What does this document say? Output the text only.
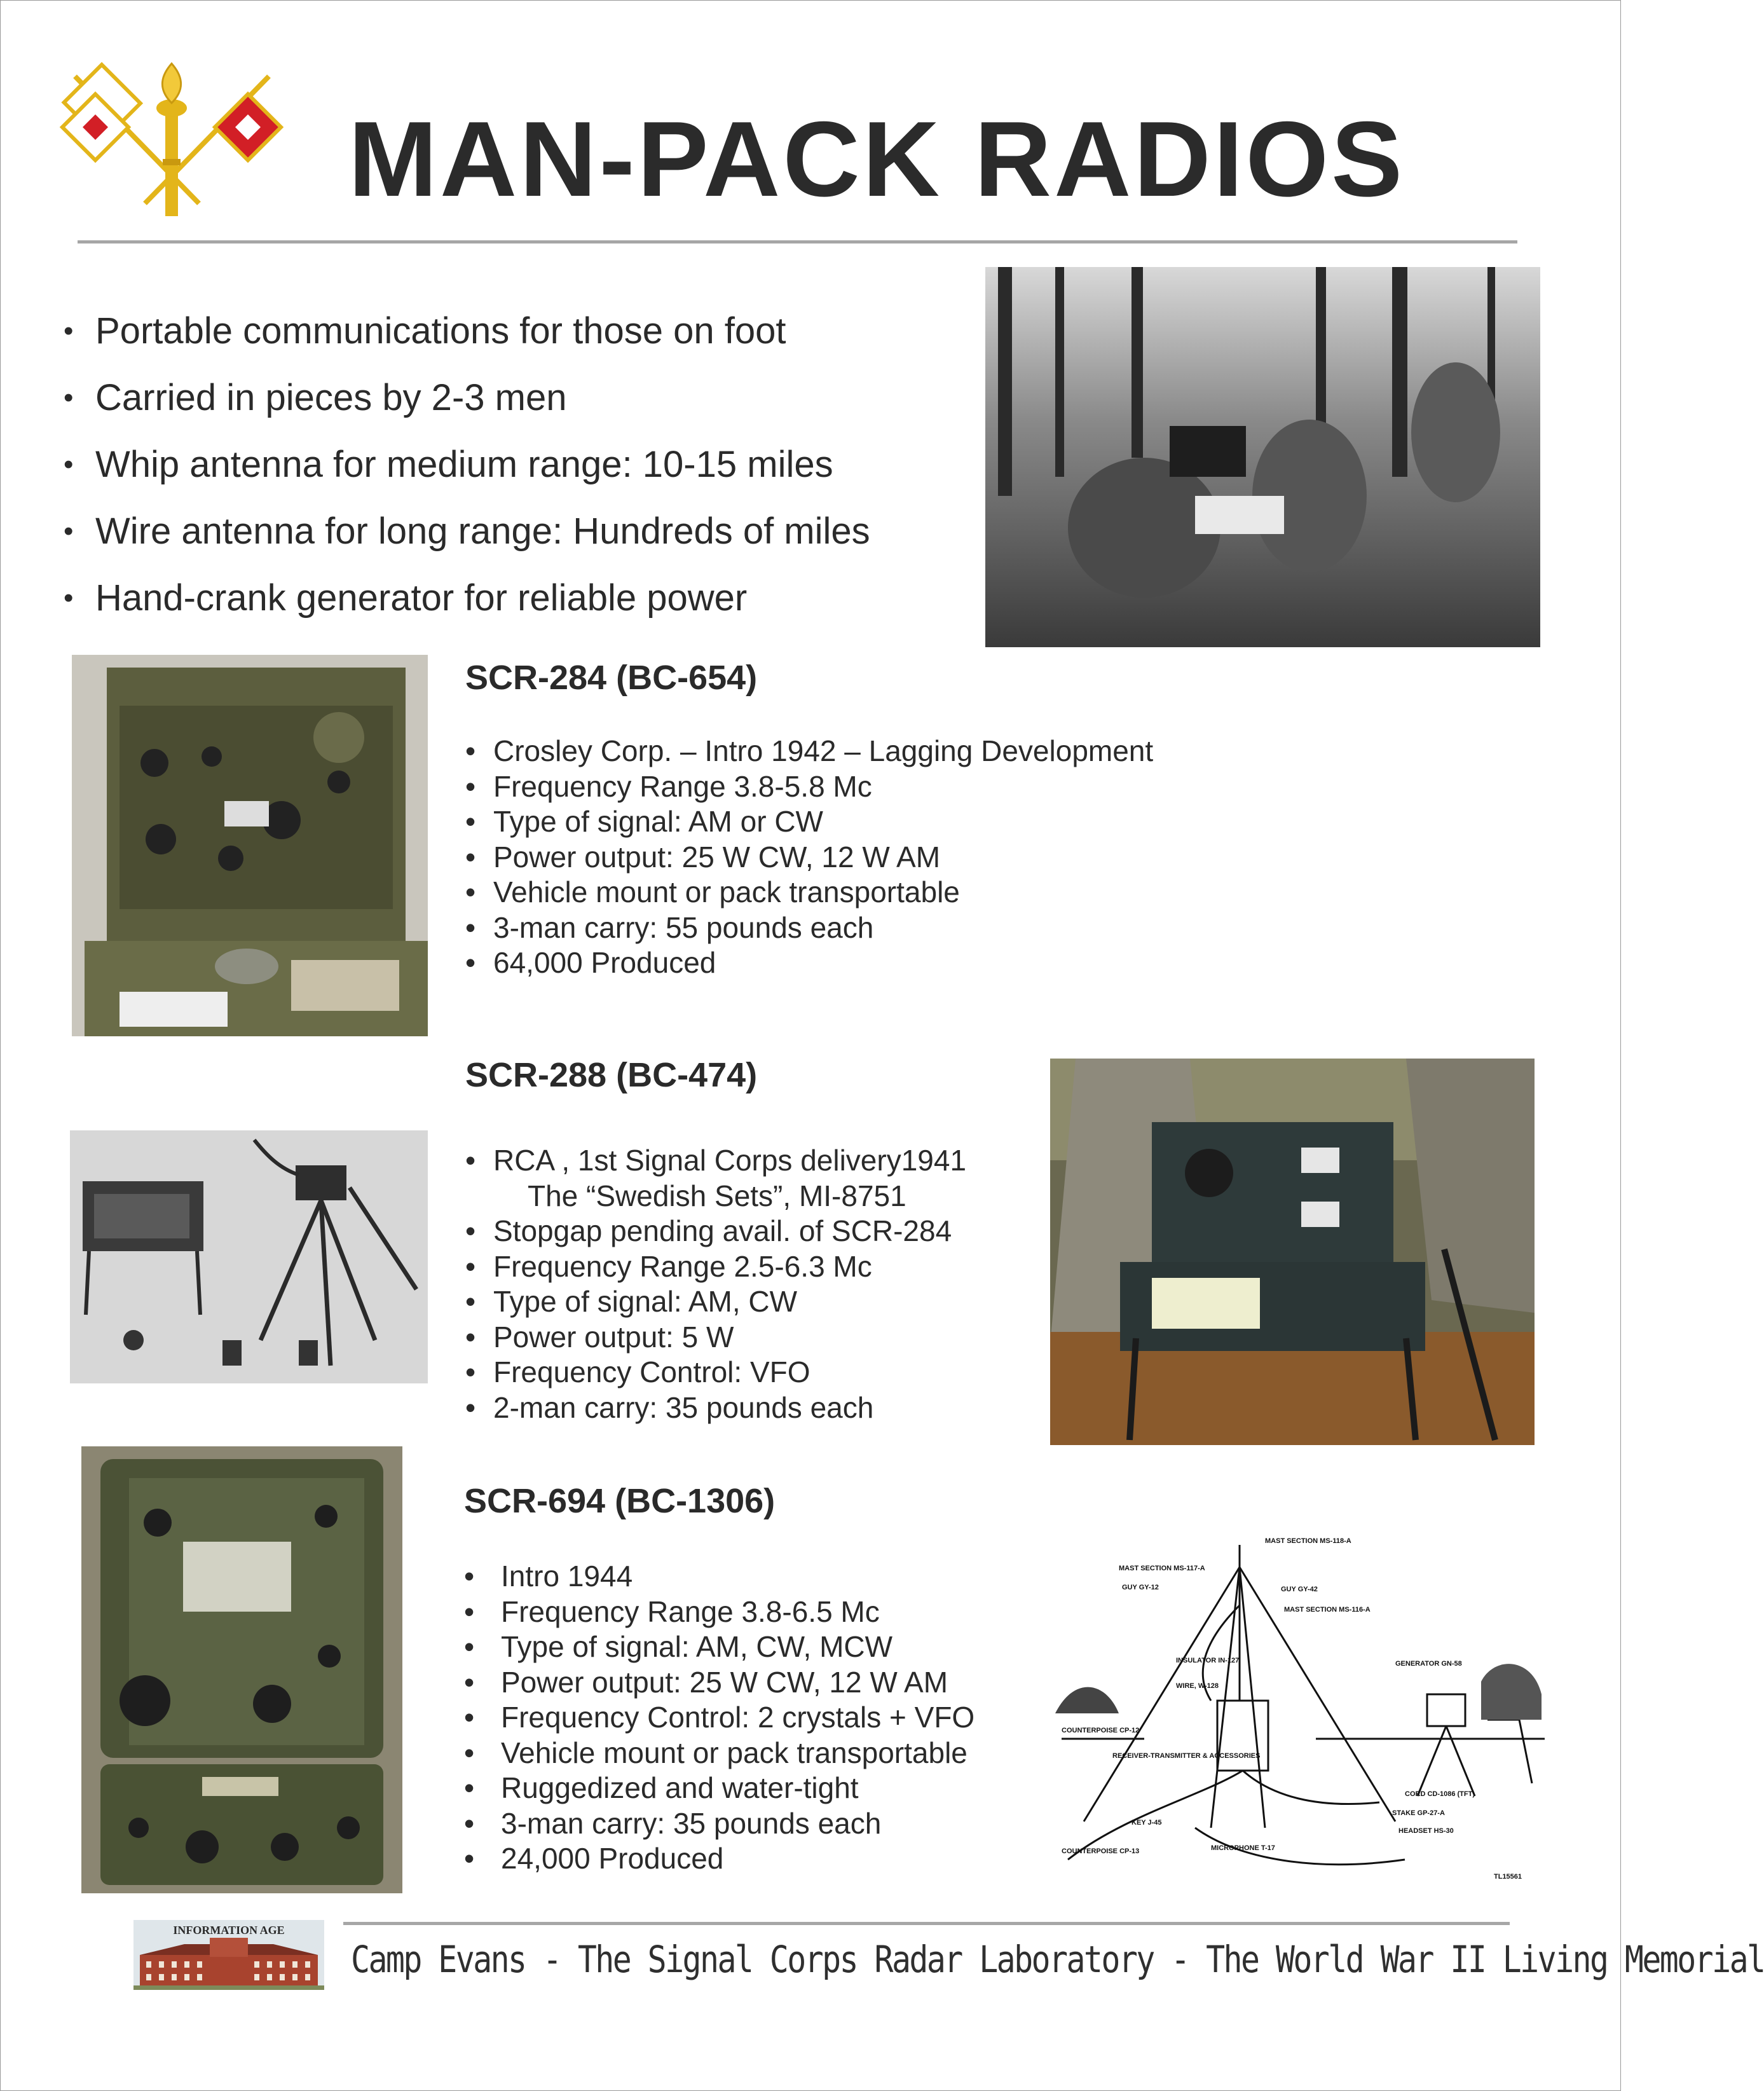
MAN-PACK RADIOS
• Portable communications for those on foot
• Carried in pieces by 2-3 men
• Whip antenna for medium range: 10-15 miles
• Wire antenna for long range: Hundreds of miles
• Hand-crank generator for reliable power
SCR-284 (BC-654)
• Crosley Corp. – Intro 1942 – Lagging Development
• Frequency Range 3.8-5.8 Mc
• Type of signal: AM or CW
• Power output: 25 W CW, 12 W AM
• Vehicle mount or pack transportable
• 3-man carry: 55 pounds each
• 64,000 Produced
SCR-288 (BC-474)
• RCA , 1st Signal Corps delivery1941
The “Swedish Sets”, MI-8751
• Stopgap pending avail. of SCR-284
• Frequency Range 2.5-6.3 Mc
• Type of signal: AM, CW
• Power output: 5 W
• Frequency Control: VFO
• 2-man carry: 35 pounds each
SCR-694 (BC-1306)
• Intro 1944
• Frequency Range 3.8-6.5 Mc
• Type of signal: AM, CW, MCW
• Power output: 25 W CW, 12 W AM
• Frequency Control: 2 crystals + VFO
• Vehicle mount or pack transportable
• Ruggedized and water-tight
• 3-man carry: 35 pounds each
• 24,000 Produced
MAST SECTION MS-118-A
MAST SECTION MS-117-A
GUY GY-12	GUY GY-42
MAST SECTION MS-116-A
INSULATOR IN-127
WIRE, W-128
GENERATOR GN-58
COUNTERPOISE CP-12
RECEIVER-TRANSMITTER & ACCESSORIES
CORD CD-1086 (TFT)
STAKE GP-27-A
KEY J-45
HEADSET HS-30
COUNTERPOISE CP-13	MICROPHONE T-17
TL15561
INFORMATION AGE
Camp Evans - The Signal Corps Radar Laboratory - The World War II Living Memorial
